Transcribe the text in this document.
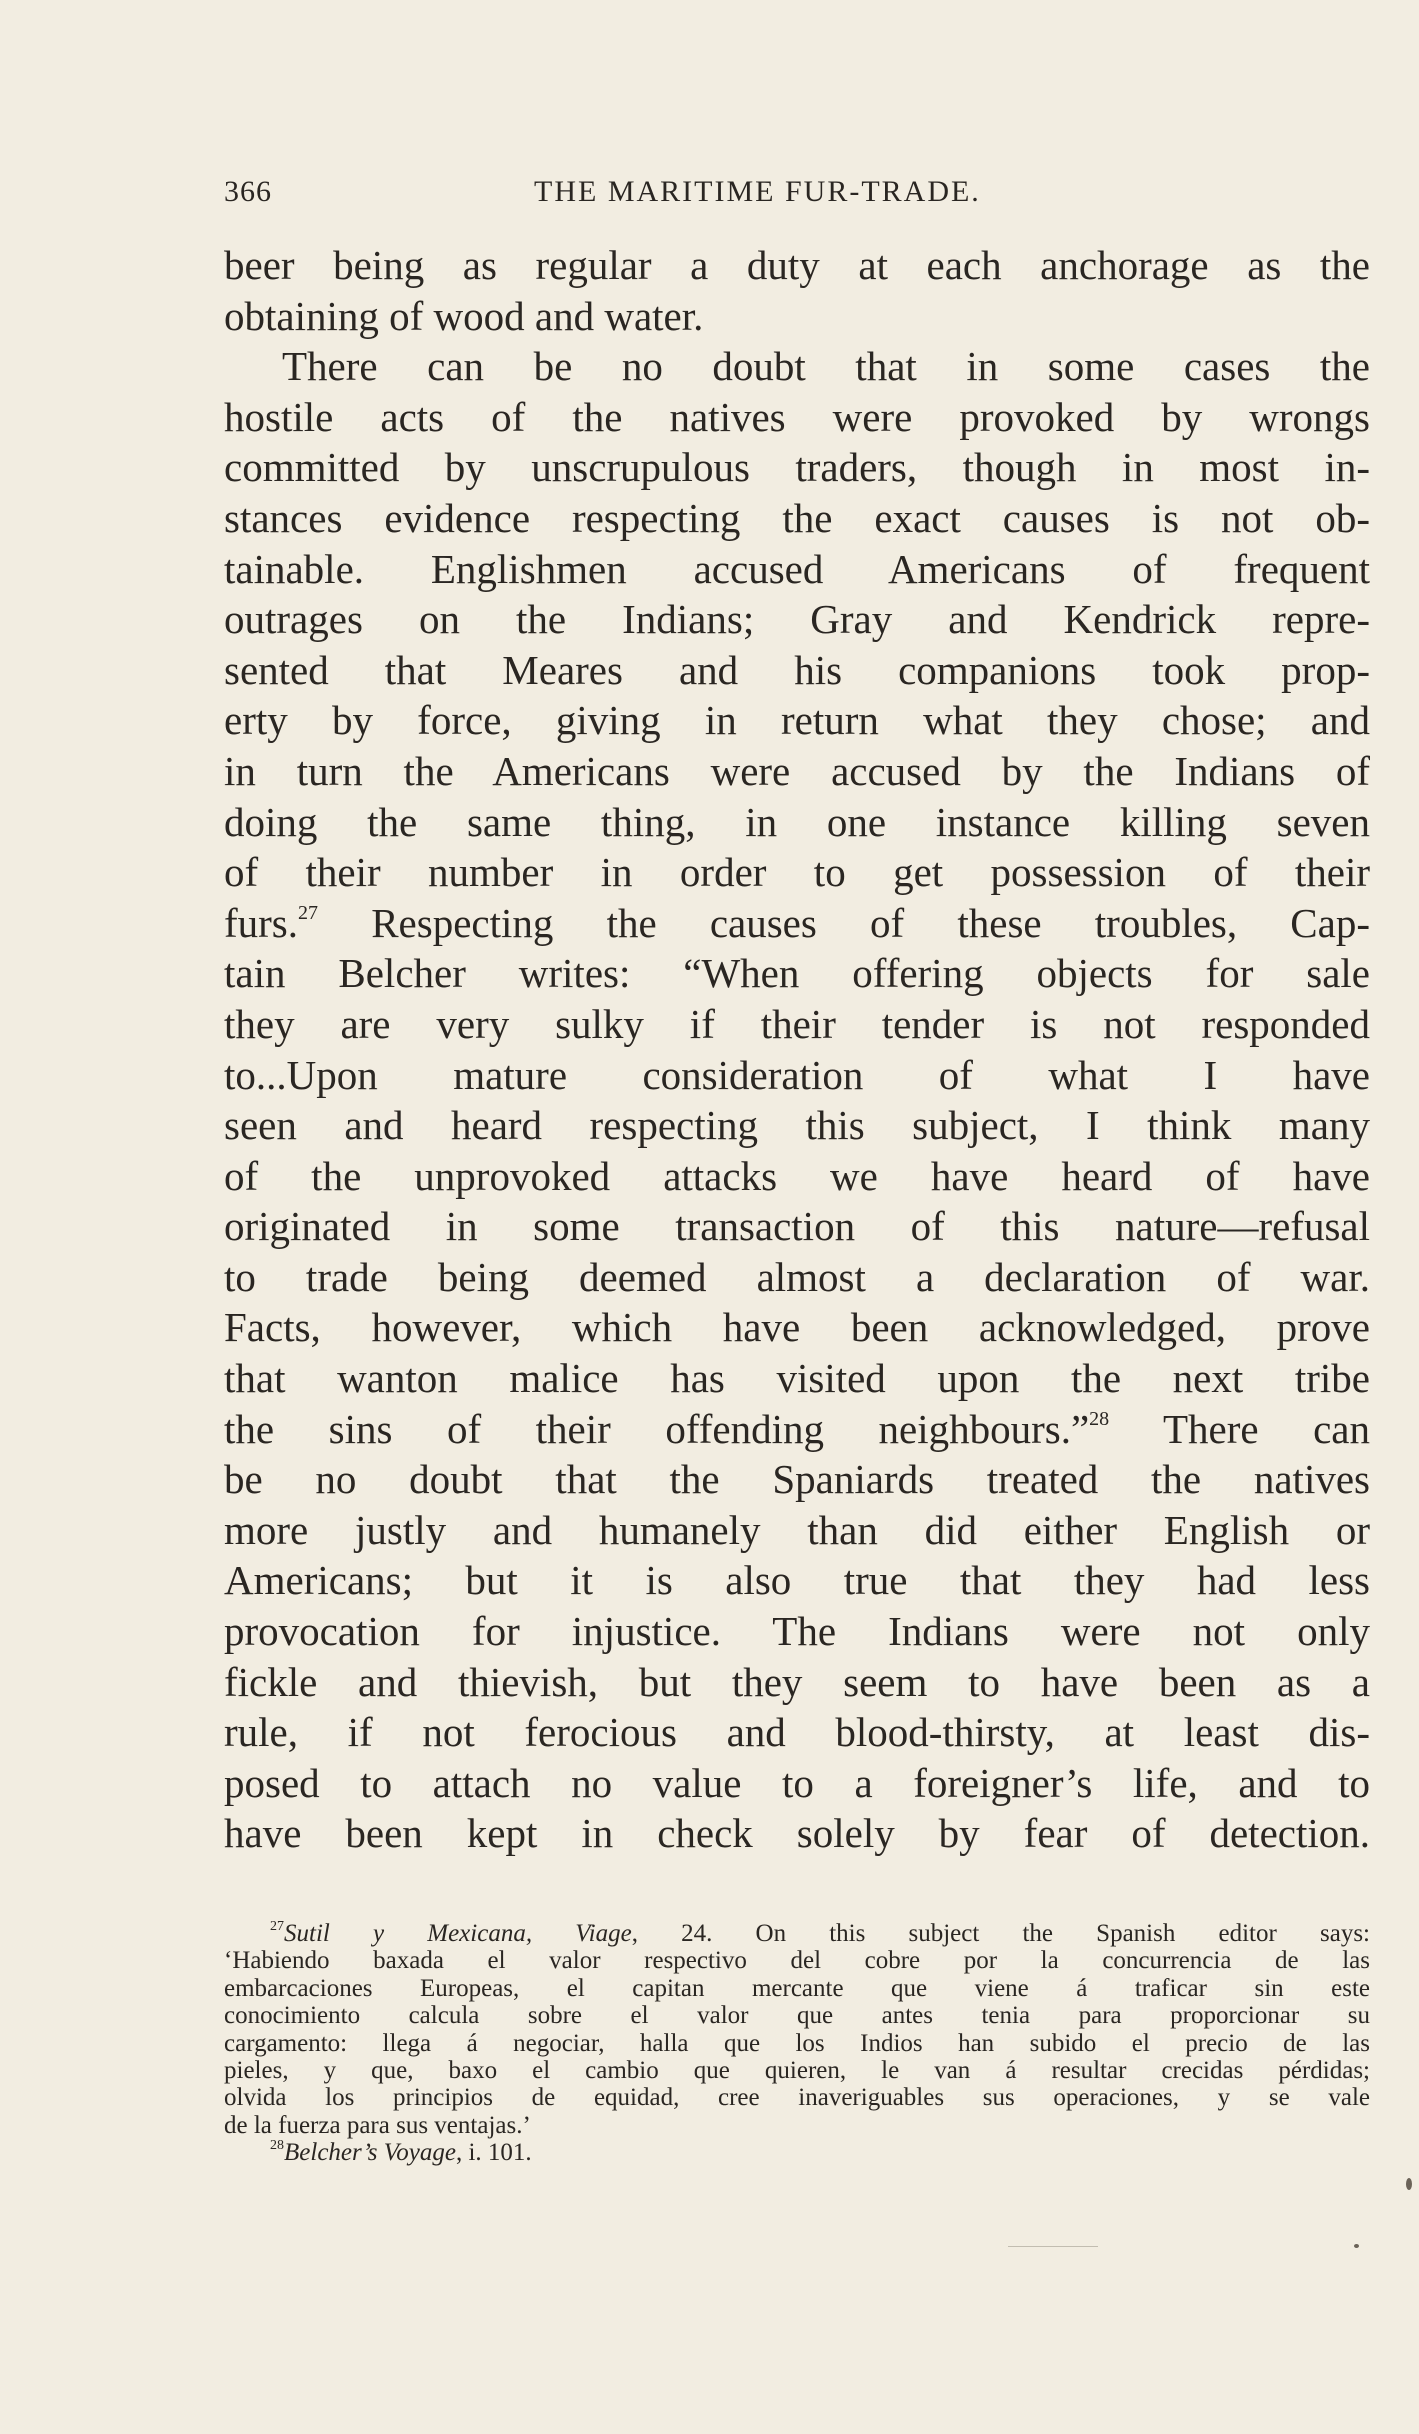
366	THE MARITIME FUR-TRADE.
beer being as regular a duty at each anchorage as the
obtaining of wood and water.
There can be no doubt that in some cases the
hostile acts of the natives were provoked by wrongs
committed by unscrupulous traders, though in most in-
stances evidence respecting the exact causes is not ob-
tainable. Englishmen accused Americans of frequent
outrages on the Indians; Gray and Kendrick repre-
sented that Meares and his companions took prop-
erty by force, giving in return what they chose; and
in turn the Americans were accused by the Indians of
doing the same thing, in one instance killing seven
of their number in order to get possession of their
furs.$^{27}$ Respecting the causes of these troubles, Cap-
tain Belcher writes: “When offering objects for sale
they are very sulky if their tender is not responded
to...Upon mature consideration of what I have
seen and heard respecting this subject, I think many
of the unprovoked attacks we have heard of have
originated in some transaction of this nature—refusal
to trade being deemed almost a declaration of war.
Facts, however, which have been acknowledged, prove
that wanton malice has visited upon the next tribe
the sins of their offending neighbours.”$^{28}$ There can
be no doubt that the Spaniards treated the natives
more justly and humanely than did either English or
Americans; but it is also true that they had less
provocation for injustice. The Indians were not only
fickle and thievish, but they seem to have been as a
rule, if not ferocious and blood-thirsty, at least dis-
posed to attach no value to a foreigner’s life, and to
have been kept in check solely by fear of detection.
$^{27}$Sutil y Mexicana, Viage, 24. On this subject the Spanish editor says:
‘Habiendo baxada el valor respectivo del cobre por la concurrencia de las
embarcaciones Europeas, el capitan mercante que viene á traficar sin este
conocimiento calcula sobre el valor que antes tenia para proporcionar su
cargamento: llega á negociar, halla que los Indios han subido el precio de las
pieles, y que, baxo el cambio que quieren, le van á resultar crecidas pérdidas;
olvida los principios de equidad, cree inaveriguables sus operaciones, y se vale
de la fuerza para sus ventajas.’
$^{28}$Belcher’s Voyage, i. 101.
